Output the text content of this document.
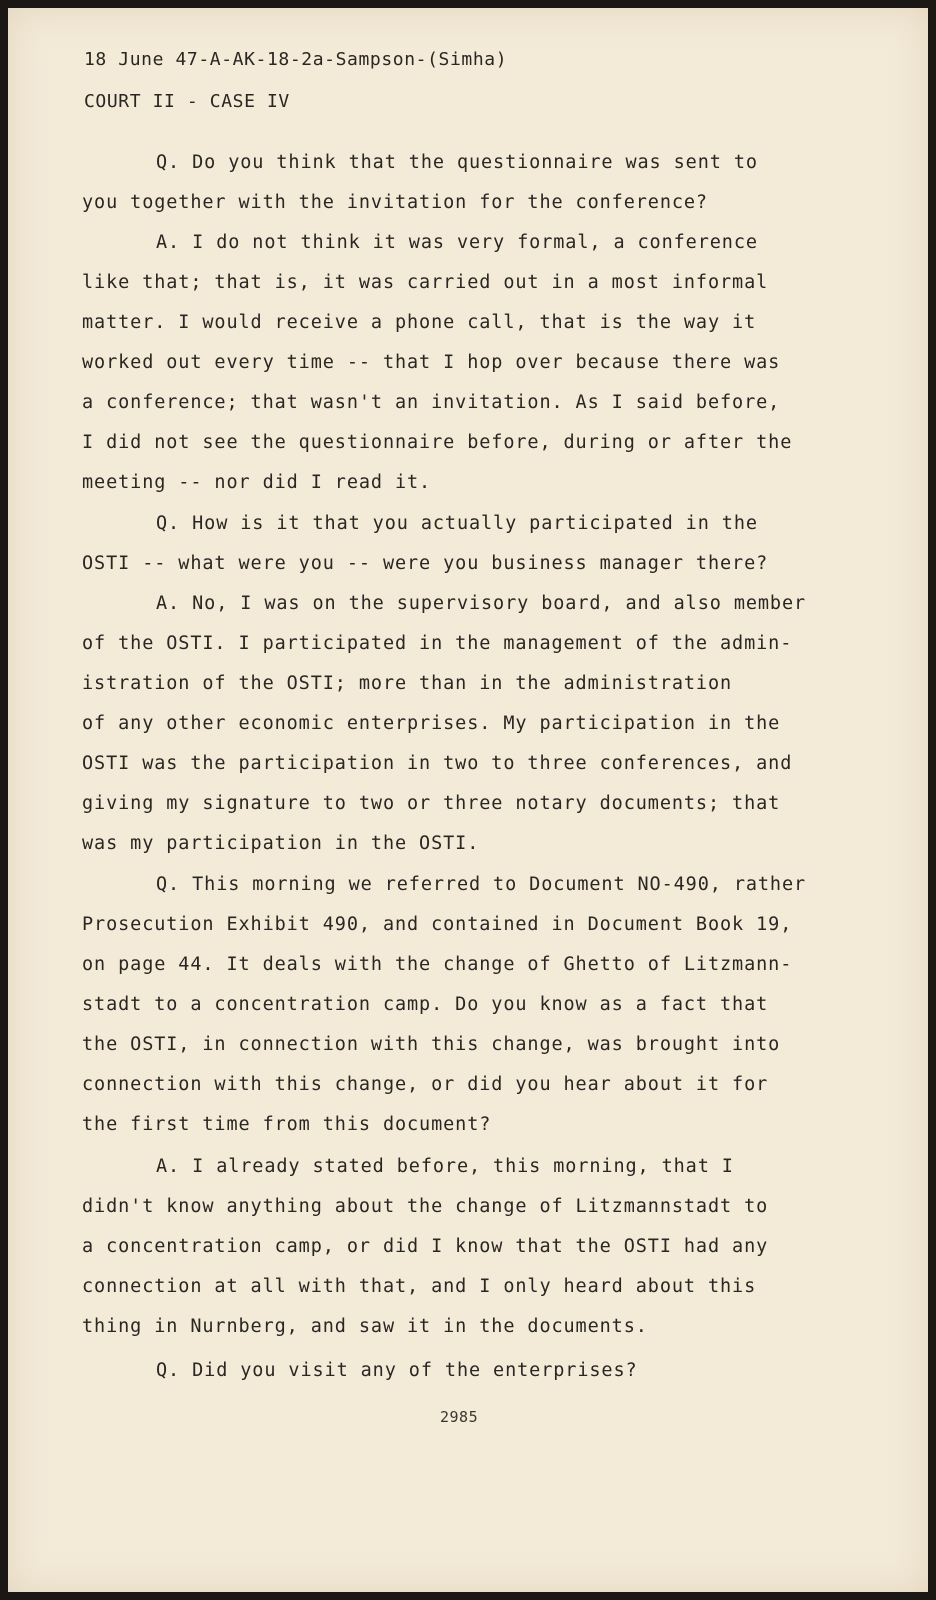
18 June 47-A-AK-18-2a-Sampson-(Simha)
COURT II - CASE IV
Q. Do you think that the questionnaire was sent to
you together with the invitation for the conference?
A. I do not think it was very formal, a conference
like that; that is, it was carried out in a most informal
matter. I would receive a phone call, that is the way it
worked out every time -- that I hop over because there was
a conference; that wasn't an invitation. As I said before,
I did not see the questionnaire before, during or after the
meeting -- nor did I read it.
Q. How is it that you actually participated in the
OSTI -- what were you -- were you business manager there?
A. No, I was on the supervisory board, and also member
of the OSTI. I participated in the management of the admin-
istration of the OSTI; more than in the administration
of any other economic enterprises. My participation in the
OSTI was the participation in two to three conferences, and
giving my signature to two or three notary documents; that
was my participation in the OSTI.
Q. This morning we referred to Document NO-490, rather
Prosecution Exhibit 490, and contained in Document Book 19,
on page 44. It deals with the change of Ghetto of Litzmann-
stadt to a concentration camp. Do you know as a fact that
the OSTI, in connection with this change, was brought into
connection with this change, or did you hear about it for
the first time from this document?
A. I already stated before, this morning, that I
didn't know anything about the change of Litzmannstadt to
a concentration camp, or did I know that the OSTI had any
connection at all with that, and I only heard about this
thing in Nurnberg, and saw it in the documents.
Q. Did you visit any of the enterprises?
2985
